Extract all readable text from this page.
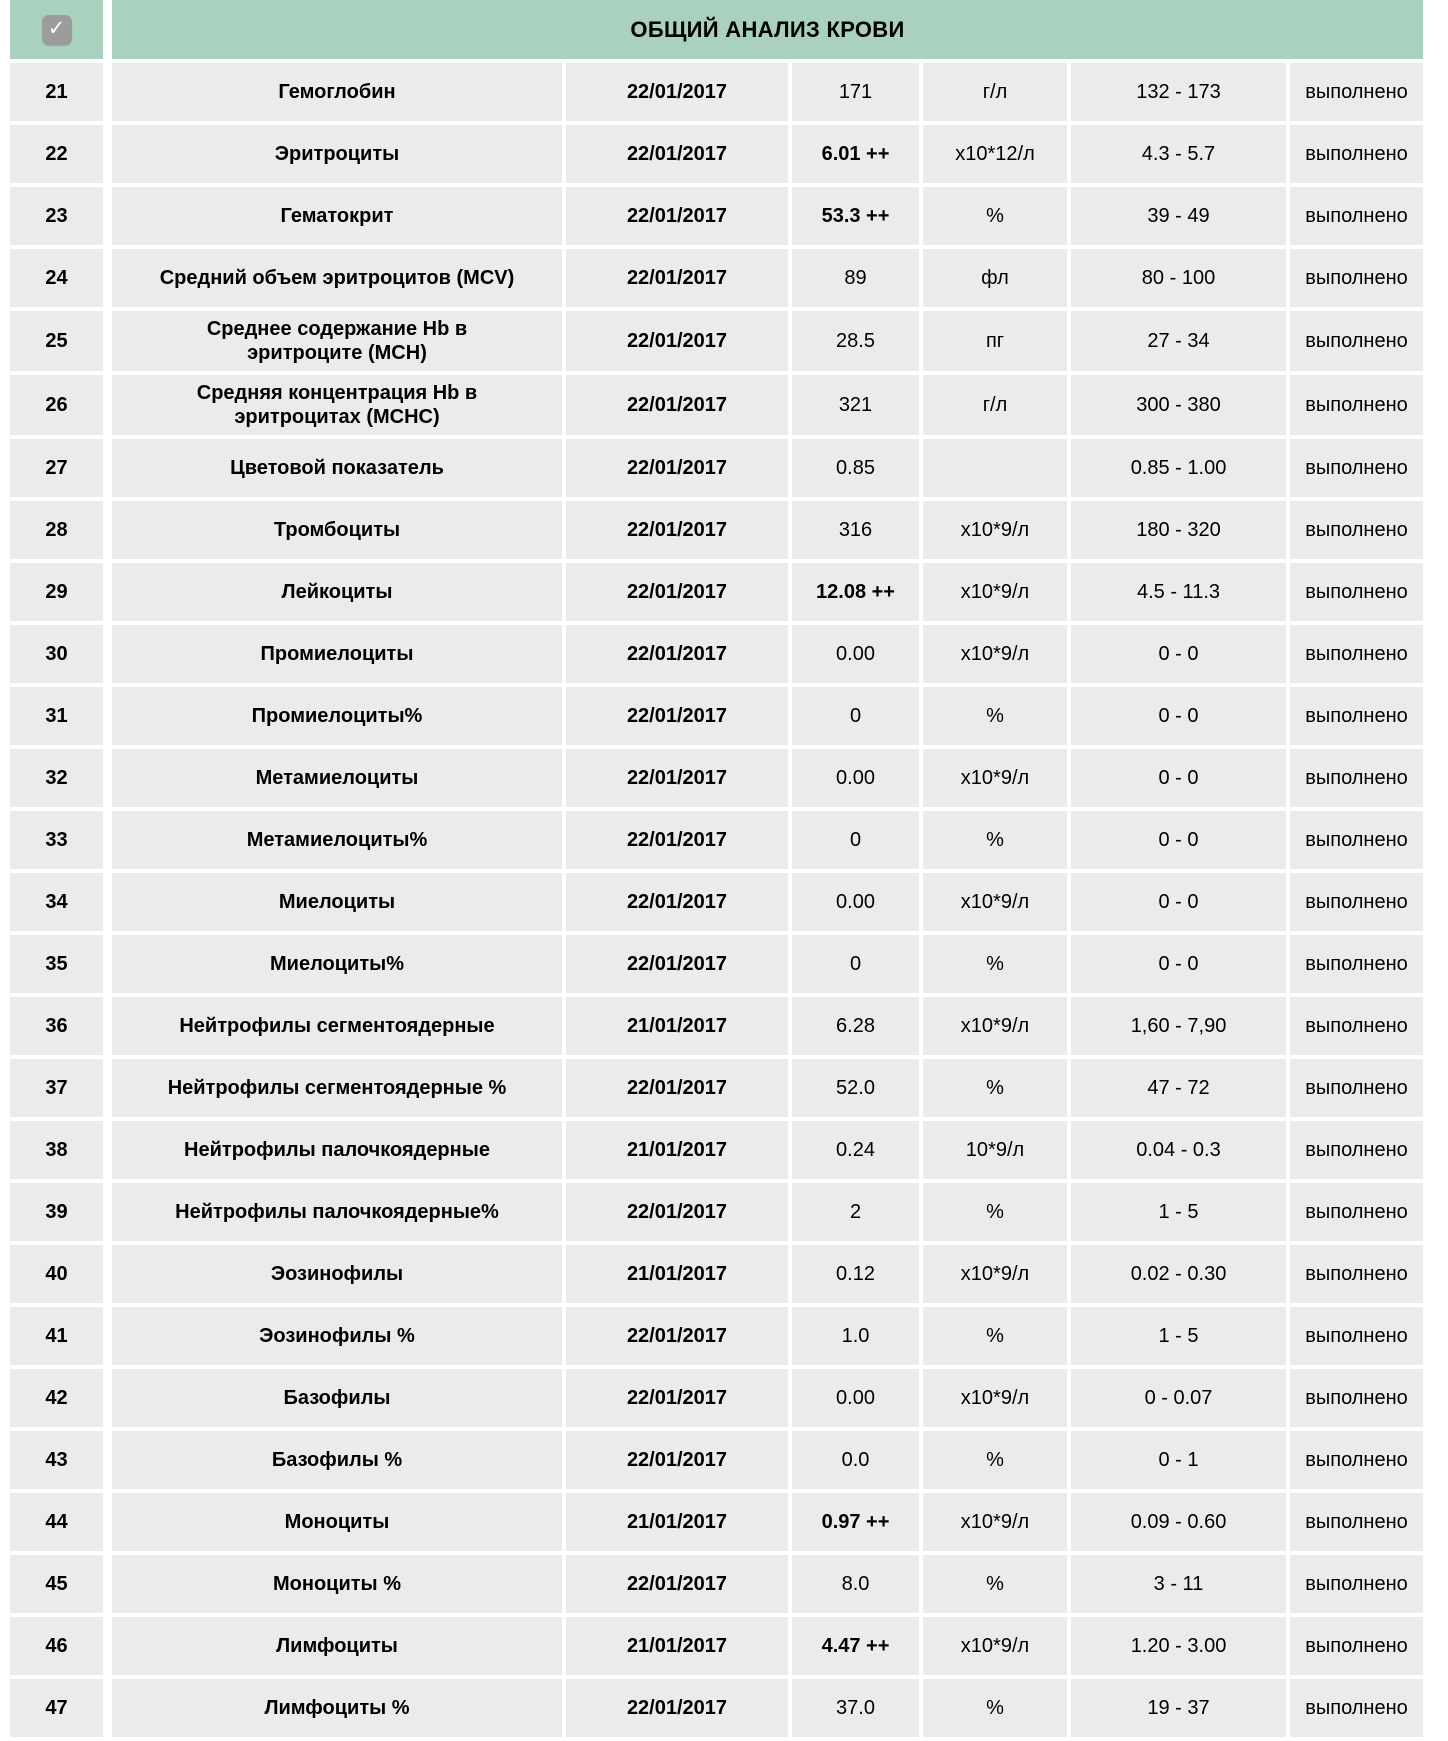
✓		ОБЩИЙ АНАЛИЗ КРОВИ					
21		Гемоглобин	22/01/2017	171	г/л	132 - 173	выполнено
22		Эритроциты	22/01/2017	6.01 ++	х10*12/л	4.3 - 5.7	выполнено
23		Гематокрит	22/01/2017	53.3 ++	%	39 - 49	выполнено
24		Средний объем эритроцитов (MCV)	22/01/2017	89	фл	80 - 100	выполнено
25		Среднее содержание Hb в эритроците (MCH)	22/01/2017	28.5	пг	27 - 34	выполнено
26		Средняя концентрация Hb в эритроцитах (MCHC)	22/01/2017	321	г/л	300 - 380	выполнено
27		Цветовой показатель	22/01/2017	0.85		0.85 - 1.00	выполнено
28		Тромбоциты	22/01/2017	316	х10*9/л	180 - 320	выполнено
29		Лейкоциты	22/01/2017	12.08 ++	х10*9/л	4.5 - 11.3	выполнено
30		Промиелоциты	22/01/2017	0.00	х10*9/л	0 - 0	выполнено
31		Промиелоциты%	22/01/2017	0	%	0 - 0	выполнено
32		Метамиелоциты	22/01/2017	0.00	х10*9/л	0 - 0	выполнено
33		Метамиелоциты%	22/01/2017	0	%	0 - 0	выполнено
34		Миелоциты	22/01/2017	0.00	х10*9/л	0 - 0	выполнено
35		Миелоциты%	22/01/2017	0	%	0 - 0	выполнено
36		Нейтрофилы сегментоядерные	21/01/2017	6.28	х10*9/л	1,60 - 7,90	выполнено
37		Нейтрофилы сегментоядерные %	22/01/2017	52.0	%	47 - 72	выполнено
38		Нейтрофилы палочкоядерные	21/01/2017	0.24	10*9/л	0.04 - 0.3	выполнено
39		Нейтрофилы палочкоядерные%	22/01/2017	2	%	1 - 5	выполнено
40		Эозинофилы	21/01/2017	0.12	х10*9/л	0.02 - 0.30	выполнено
41		Эозинофилы %	22/01/2017	1.0	%	1 - 5	выполнено
42		Базофилы	22/01/2017	0.00	х10*9/л	0 - 0.07	выполнено
43		Базофилы %	22/01/2017	0.0	%	0 - 1	выполнено
44		Моноциты	21/01/2017	0.97 ++	х10*9/л	0.09 - 0.60	выполнено
45		Моноциты %	22/01/2017	8.0	%	3 - 11	выполнено
46		Лимфоциты	21/01/2017	4.47 ++	х10*9/л	1.20 - 3.00	выполнено
47		Лимфоциты %	22/01/2017	37.0	%	19 - 37	выполнено
